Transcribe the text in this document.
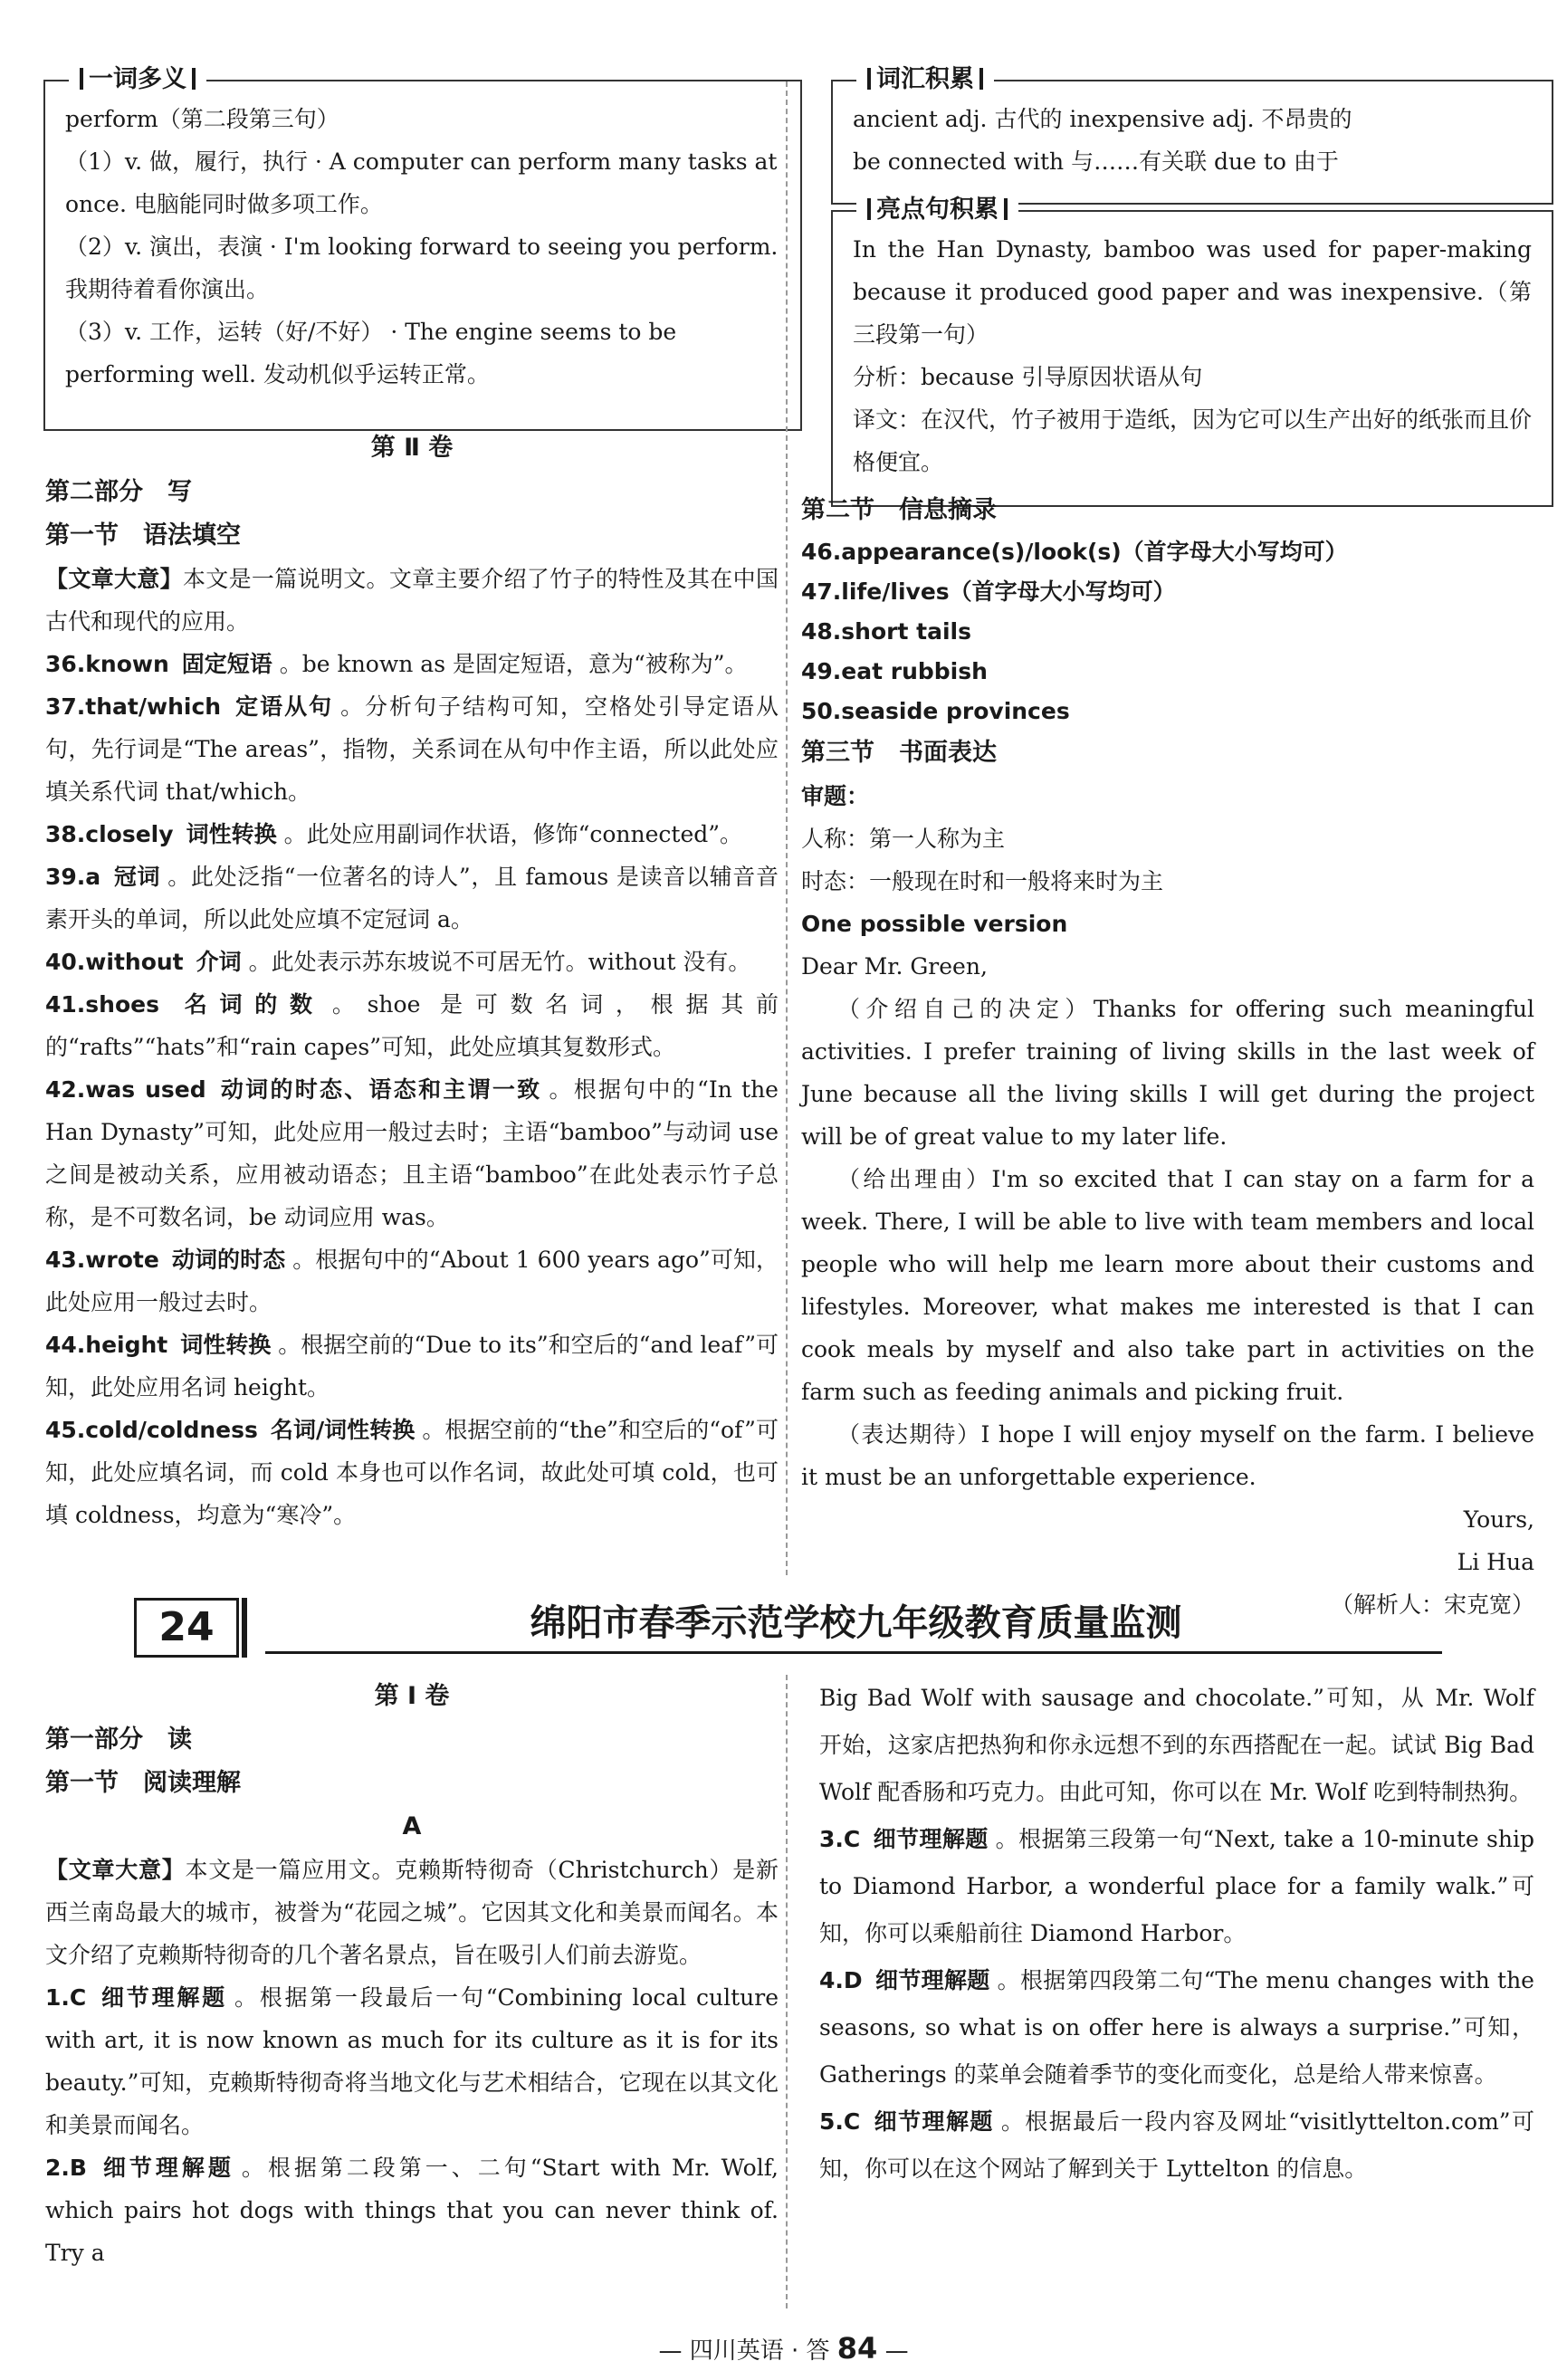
一词多义
perform（第二段第三句）
（1）v. 做，履行，执行 · A computer can perform many tasks at once. 电脑能同时做多项工作。
（2）v. 演出，表演 · I'm looking forward to seeing you perform. 我期待着看你演出。
（3）v. 工作，运转（好/不好） · The engine seems to be performing well. 发动机似乎运转正常。
词汇积累
ancient adj. 古代的 inexpensive adj. 不昂贵的
be connected with 与……有关联 due to 由于
亮点句积累
In the Han Dynasty, bamboo was used for paper-making because it produced good paper and was inexpensive.（第三段第一句）
分析：because 引导原因状语从句
译文：在汉代，竹子被用于造纸，因为它可以生产出好的纸张而且价格便宜。
第 Ⅱ 卷
第二部分　写
第一节　语法填空
【文章大意】本文是一篇说明文。文章主要介绍了竹子的特性及其在中国古代和现代的应用。
36.known 固定短语 。be known as 是固定短语，意为“被称为”。
37.that/which 定语从句 。分析句子结构可知，空格处引导定语从句，先行词是“The areas”，指物，关系词在从句中作主语，所以此处应填关系代词 that/which。
38.closely 词性转换 。此处应用副词作状语，修饰“connected”。
39.a 冠词 。此处泛指“一位著名的诗人”，且 famous 是读音以辅音音素开头的单词，所以此处应填不定冠词 a。
40.without 介词 。此处表示苏东坡说不可居无竹。without 没有。
41.shoes 名词的数 。shoe 是可数名词，根据其前的“rafts”“hats”和“rain capes”可知，此处应填其复数形式。
42.was used 动词的时态、语态和主谓一致 。根据句中的“In the Han Dynasty”可知，此处应用一般过去时；主语“bamboo”与动词 use 之间是被动关系，应用被动语态；且主语“bamboo”在此处表示竹子总称，是不可数名词，be 动词应用 was。
43.wrote 动词的时态 。根据句中的“About 1 600 years ago”可知，此处应用一般过去时。
44.height 词性转换 。根据空前的“Due to its”和空后的“and leaf”可知，此处应用名词 height。
45.cold/coldness 名词/词性转换 。根据空前的“the”和空后的“of”可知，此处应填名词，而 cold 本身也可以作名词，故此处可填 cold，也可填 coldness，均意为“寒冷”。
第二节　信息摘录
46.appearance(s)/look(s)（首字母大小写均可）
47.life/lives（首字母大小写均可）
48.short tails
49.eat rubbish
50.seaside provinces
第三节　书面表达
审题：
人称：第一人称为主
时态：一般现在时和一般将来时为主
One possible version
Dear Mr. Green,
（介绍自己的决定）Thanks for offering such meaningful activities. I prefer training of living skills in the last week of June because all the living skills I will get during the project will be of great value to my later life.
（给出理由）I'm so excited that I can stay on a farm for a week. There, I will be able to live with team members and local people who will help me learn more about their customs and lifestyles. Moreover, what makes me interested is that I can cook meals by myself and also take part in activities on the farm such as feeding animals and picking fruit.
（表达期待）I hope I will enjoy myself on the farm. I believe it must be an unforgettable experience.
Yours,
Li Hua
（解析人：宋克宽）
24	绵阳市春季示范学校九年级教育质量监测
第 Ⅰ 卷
第一部分　读
第一节　阅读理解
A
【文章大意】本文是一篇应用文。克赖斯特彻奇（Christchurch）是新西兰南岛最大的城市，被誉为“花园之城”。它因其文化和美景而闻名。本文介绍了克赖斯特彻奇的几个著名景点，旨在吸引人们前去游览。
1.C 细节理解题 。根据第一段最后一句“Combining local culture with art, it is now known as much for its culture as it is for its beauty.”可知，克赖斯特彻奇将当地文化与艺术相结合，它现在以其文化和美景而闻名。
2.B 细节理解题 。根据第二段第一、二句“Start with Mr. Wolf, which pairs hot dogs with things that you can never think of. Try a
Big Bad Wolf with sausage and chocolate.”可知，从 Mr. Wolf 开始，这家店把热狗和你永远想不到的东西搭配在一起。试试 Big Bad Wolf 配香肠和巧克力。由此可知，你可以在 Mr. Wolf 吃到特制热狗。
3.C 细节理解题 。根据第三段第一句“Next, take a 10-minute ship to Diamond Harbor, a wonderful place for a family walk.”可知，你可以乘船前往 Diamond Harbor。
4.D 细节理解题 。根据第四段第二句“The menu changes with the seasons, so what is on offer here is always a surprise.”可知，Gatherings 的菜单会随着季节的变化而变化，总是给人带来惊喜。
5.C 细节理解题 。根据最后一段内容及网址“visitlyttelton.com”可知，你可以在这个网站了解到关于 Lyttelton 的信息。
— 四川英语 · 答 84 —
